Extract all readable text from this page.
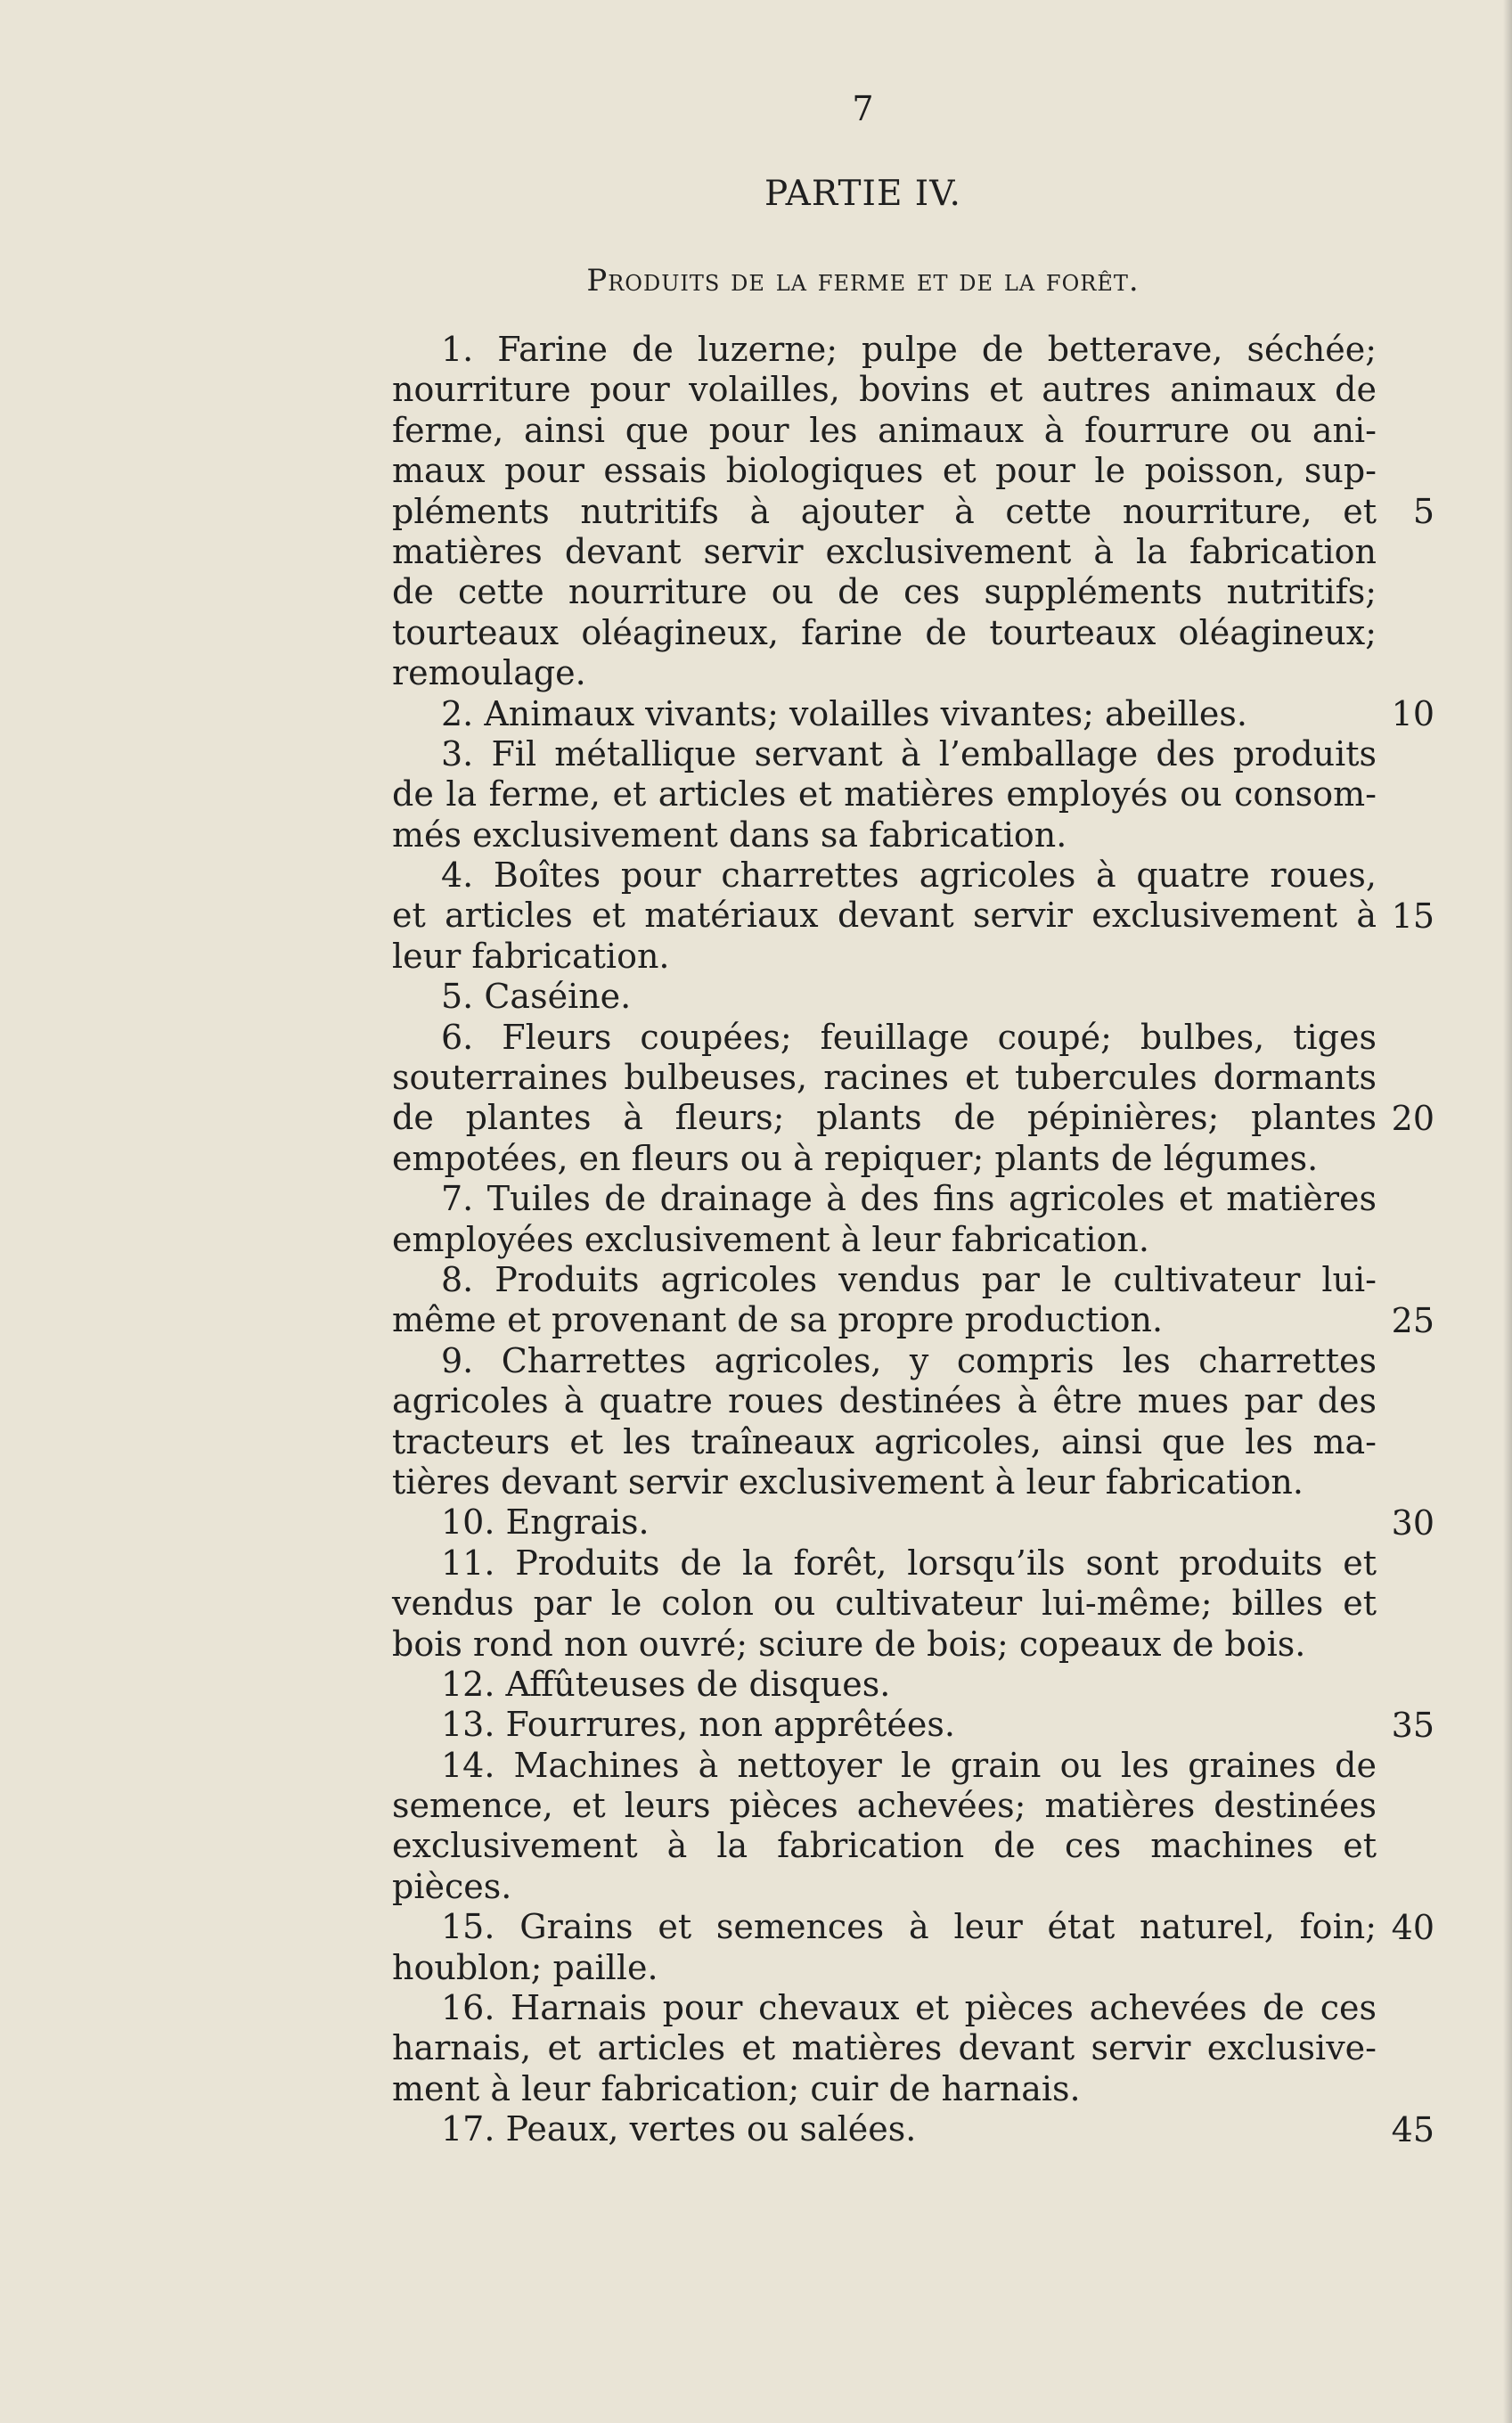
7
PARTIE IV.
Produits de la ferme et de la forêt.
1. Farine de luzerne; pulpe de betterave, séchée;
nourriture pour volailles, bovins et autres animaux de
ferme, ainsi que pour les animaux à fourrure ou ani-
maux pour essais biologiques et pour le poisson, sup-
pléments nutritifs à ajouter à cette nourriture, et
matières devant servir exclusivement à la fabrication
de cette nourriture ou de ces suppléments nutritifs;
tourteaux oléagineux, farine de tourteaux oléagineux;
remoulage.
2. Animaux vivants; volailles vivantes; abeilles.
3. Fil métallique servant à l’emballage des produits
de la ferme, et articles et matières employés ou consom-
més exclusivement dans sa fabrication.
4. Boîtes pour charrettes agricoles à quatre roues,
et articles et matériaux devant servir exclusivement à
leur fabrication.
5. Caséine.
6. Fleurs coupées; feuillage coupé; bulbes, tiges
souterraines bulbeuses, racines et tubercules dormants
de plantes à fleurs; plants de pépinières; plantes
empotées, en fleurs ou à repiquer; plants de légumes.
7. Tuiles de drainage à des fins agricoles et matières
employées exclusivement à leur fabrication.
8. Produits agricoles vendus par le cultivateur lui-
même et provenant de sa propre production.
9. Charrettes agricoles, y compris les charrettes
agricoles à quatre roues destinées à être mues par des
tracteurs et les traîneaux agricoles, ainsi que les ma-
tières devant servir exclusivement à leur fabrication.
10. Engrais.
11. Produits de la forêt, lorsqu’ils sont produits et
vendus par le colon ou cultivateur lui-même; billes et
bois rond non ouvré; sciure de bois; copeaux de bois.
12. Affûteuses de disques.
13. Fourrures, non apprêtées.
14. Machines à nettoyer le grain ou les graines de
semence, et leurs pièces achevées; matières destinées
exclusivement à la fabrication de ces machines et
pièces.
15. Grains et semences à leur état naturel, foin;
houblon; paille.
16. Harnais pour chevaux et pièces achevées de ces
harnais, et articles et matières devant servir exclusive-
ment à leur fabrication; cuir de harnais.
17. Peaux, vertes ou salées.
5
10
15
20
25
30
35
40
45
